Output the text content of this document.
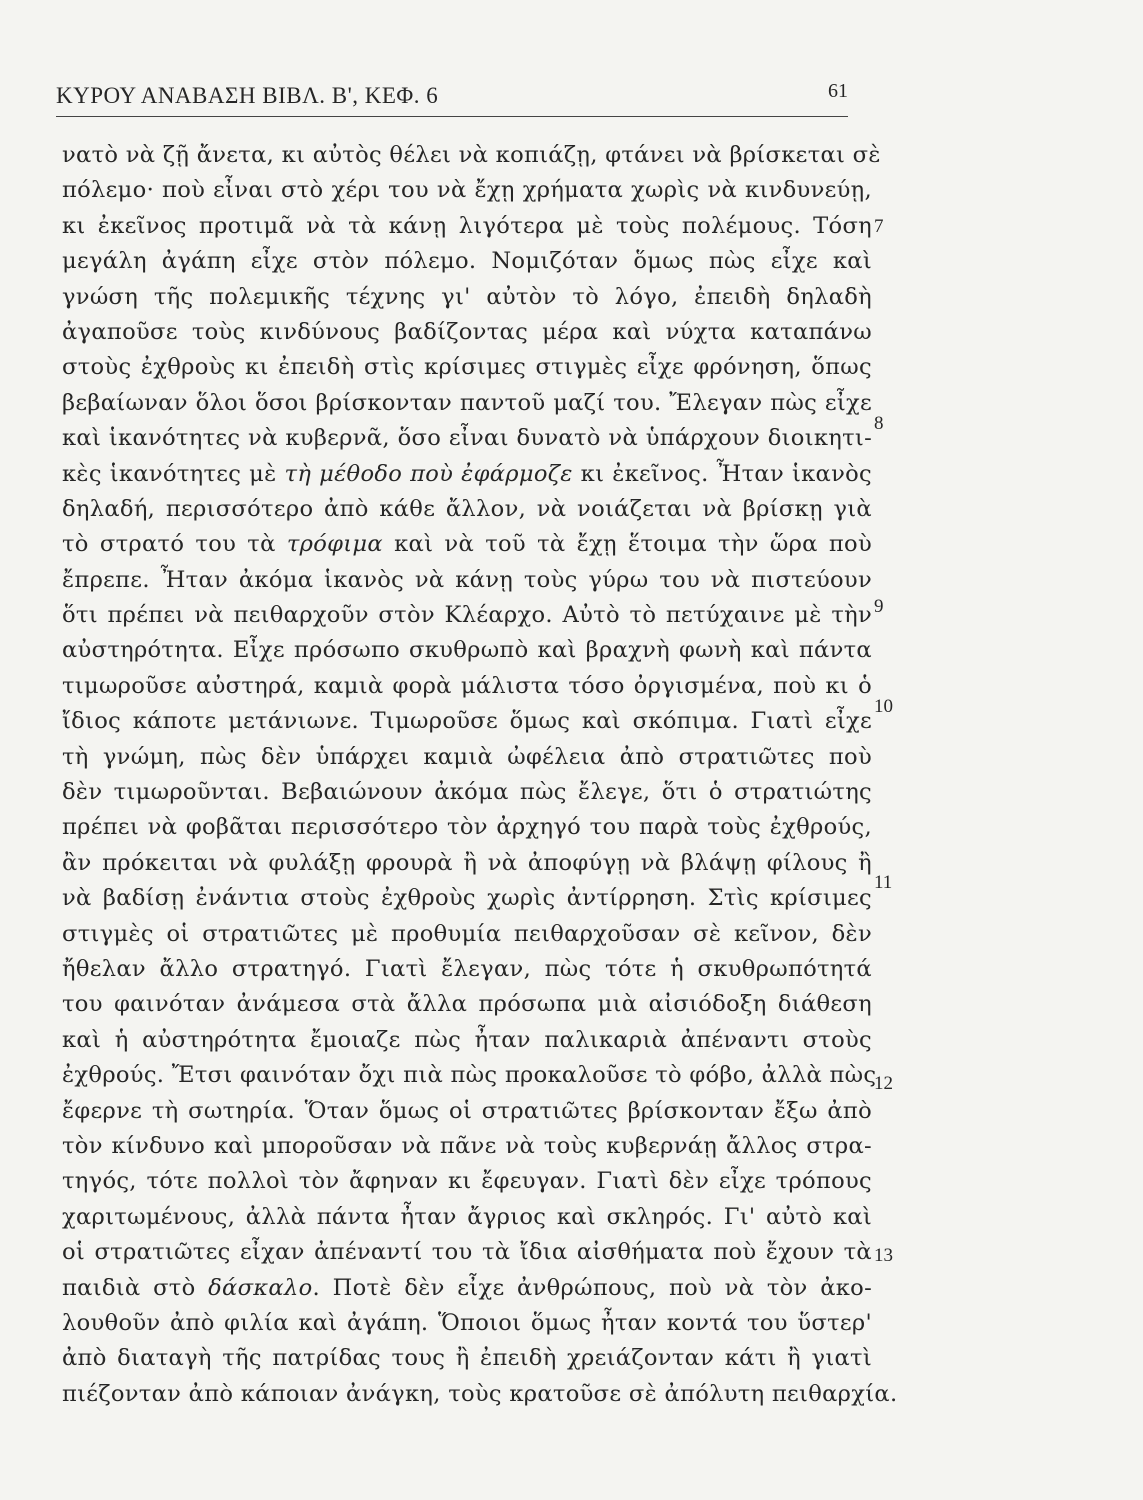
ΚΥΡΟΥ ΑΝΑΒΑΣΗ ΒΙΒΛ. Β', ΚΕΦ. 6	61
νατὸ νὰ ζῇ ἄνετα, κι αὐτὸς θέλει νὰ κοπιάζῃ, φτάνει νὰ βρίσκεται σὲ
πόλεμο· ποὺ εἶναι στὸ χέρι του νὰ ἔχῃ χρήματα χωρὶς νὰ κινδυνεύῃ,
κι ἐκεῖνος προτιμᾶ νὰ τὰ κάνῃ λιγότερα μὲ τοὺς πολέμους. Τόση
μεγάλη ἀγάπη εἶχε στὸν πόλεμο. Νομιζόταν ὅμως πὼς εἶχε καὶ
γνώση τῆς πολεμικῆς τέχνης γι' αὐτὸν τὸ λόγο, ἐπειδὴ δηλαδὴ
ἀγαποῦσε τοὺς κινδύνους βαδίζοντας μέρα καὶ νύχτα καταπάνω
στοὺς ἐχθροὺς κι ἐπειδὴ στὶς κρίσιμες στιγμὲς εἶχε φρόνηση, ὅπως
βεβαίωναν ὅλοι ὅσοι βρίσκονταν παντοῦ μαζί του. Ἔλεγαν πὼς εἶχε
καὶ ἱκανότητες νὰ κυβερνᾶ, ὅσο εἶναι δυνατὸ νὰ ὑπάρχουν διοικητι-
κὲς ἱκανότητες μὲ τὴ μέθοδο ποὺ ἐφάρμοζε κι ἐκεῖνος. Ἦταν ἱκανὸς
δηλαδή, περισσότερο ἀπὸ κάθε ἄλλον, νὰ νοιάζεται νὰ βρίσκῃ γιὰ
τὸ στρατό του τὰ τρόφιμα καὶ νὰ τοῦ τὰ ἔχῃ ἕτοιμα τὴν ὥρα ποὺ
ἔπρεπε. Ἦταν ἀκόμα ἱκανὸς νὰ κάνῃ τοὺς γύρω του νὰ πιστεύουν
ὅτι πρέπει νὰ πειθαρχοῦν στὸν Κλέαρχο. Αὐτὸ τὸ πετύχαινε μὲ τὴν
αὐστηρότητα. Εἶχε πρόσωπο σκυθρωπὸ καὶ βραχνὴ φωνὴ καὶ πάντα
τιμωροῦσε αὐστηρά, καμιὰ φορὰ μάλιστα τόσο ὀργισμένα, ποὺ κι ὁ
ἴδιος κάποτε μετάνιωνε. Τιμωροῦσε ὅμως καὶ σκόπιμα. Γιατὶ εἶχε
τὴ γνώμη, πὼς δὲν ὑπάρχει καμιὰ ὠφέλεια ἀπὸ στρατιῶτες ποὺ
δὲν τιμωροῦνται. Βεβαιώνουν ἀκόμα πὼς ἔλεγε, ὅτι ὁ στρατιώτης
πρέπει νὰ φοβᾶται περισσότερο τὸν ἀρχηγό του παρὰ τοὺς ἐχθρούς,
ἂν πρόκειται νὰ φυλάξῃ φρουρὰ ἢ νὰ ἀποφύγῃ νὰ βλάψῃ φίλους ἢ
νὰ βαδίσῃ ἐνάντια στοὺς ἐχθροὺς χωρὶς ἀντίρρηση. Στὶς κρίσιμες
στιγμὲς οἱ στρατιῶτες μὲ προθυμία πειθαρχοῦσαν σὲ κεῖνον, δὲν
ἤθελαν ἄλλο στρατηγό. Γιατὶ ἔλεγαν, πὼς τότε ἡ σκυθρωπότητά
του φαινόταν ἀνάμεσα στὰ ἄλλα πρόσωπα μιὰ αἰσιόδοξη διάθεση
καὶ ἡ αὐστηρότητα ἔμοιαζε πὼς ἦταν παλικαριὰ ἀπέναντι στοὺς
ἐχθρούς. Ἔτσι φαινόταν ὄχι πιὰ πὼς προκαλοῦσε τὸ φόβο, ἀλλὰ πὼς
ἔφερνε τὴ σωτηρία. Ὅταν ὅμως οἱ στρατιῶτες βρίσκονταν ἔξω ἀπὸ
τὸν κίνδυνο καὶ μποροῦσαν νὰ πᾶνε νὰ τοὺς κυβερνάῃ ἄλλος στρα-
τηγός, τότε πολλοὶ τὸν ἄφηναν κι ἔφευγαν. Γιατὶ δὲν εἶχε τρόπους
χαριτωμένους, ἀλλὰ πάντα ἦταν ἄγριος καὶ σκληρός. Γι' αὐτὸ καὶ
οἱ στρατιῶτες εἶχαν ἀπέναντί του τὰ ἴδια αἰσθήματα ποὺ ἔχουν τὰ
παιδιὰ στὸ δάσκαλο. Ποτὲ δὲν εἶχε ἀνθρώπους, ποὺ νὰ τὸν ἀκο-
λουθοῦν ἀπὸ φιλία καὶ ἀγάπη. Ὅποιοι ὅμως ἦταν κοντά του ὕστερ'
ἀπὸ διαταγὴ τῆς πατρίδας τους ἢ ἐπειδὴ χρειάζονταν κάτι ἢ γιατὶ
πιέζονταν ἀπὸ κάποιαν ἀνάγκη, τοὺς κρατοῦσε σὲ ἀπόλυτη πειθαρχία.
7
8
9
10
11
12
13
